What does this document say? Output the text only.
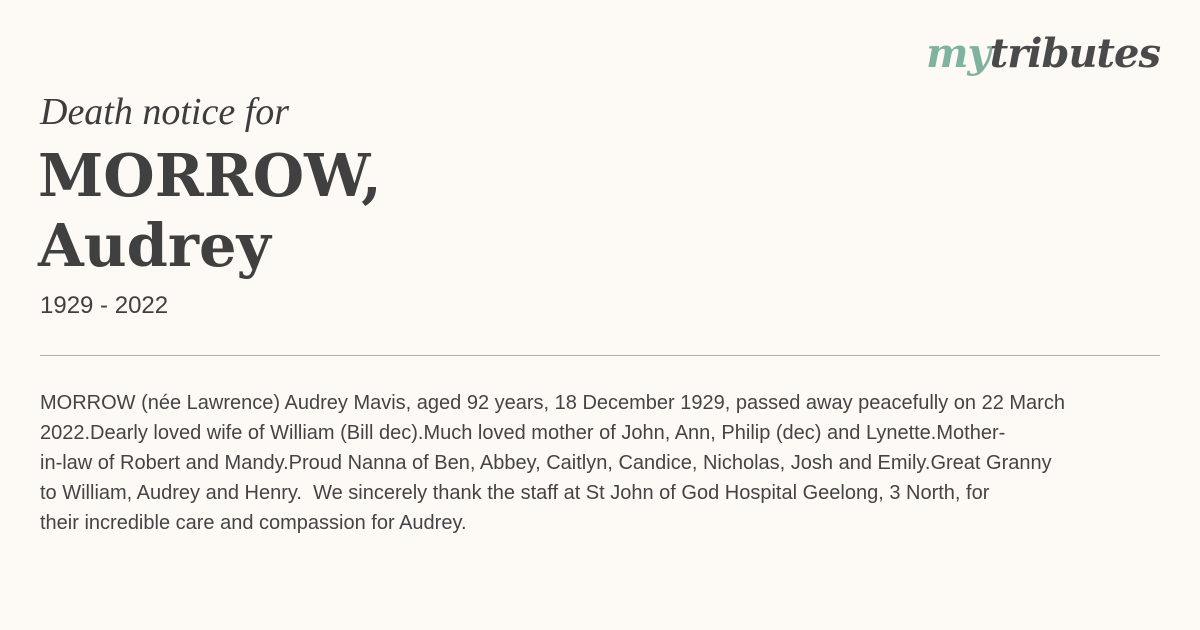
mytributes
Death notice for
MORROW,
Audrey
1929 - 2022
MORROW (née Lawrence) Audrey Mavis, aged 92 years, 18 December 1929, passed away peacefully on 22 March
2022.Dearly loved wife of William (Bill dec).Much loved mother of John, Ann, Philip (dec) and Lynette.Mother-
in-law of Robert and Mandy.Proud Nanna of Ben, Abbey, Caitlyn, Candice, Nicholas, Josh and Emily.Great Granny
to William, Audrey and Henry.  We sincerely thank the staff at St John of God Hospital Geelong, 3 North, for
their incredible care and compassion for Audrey.
